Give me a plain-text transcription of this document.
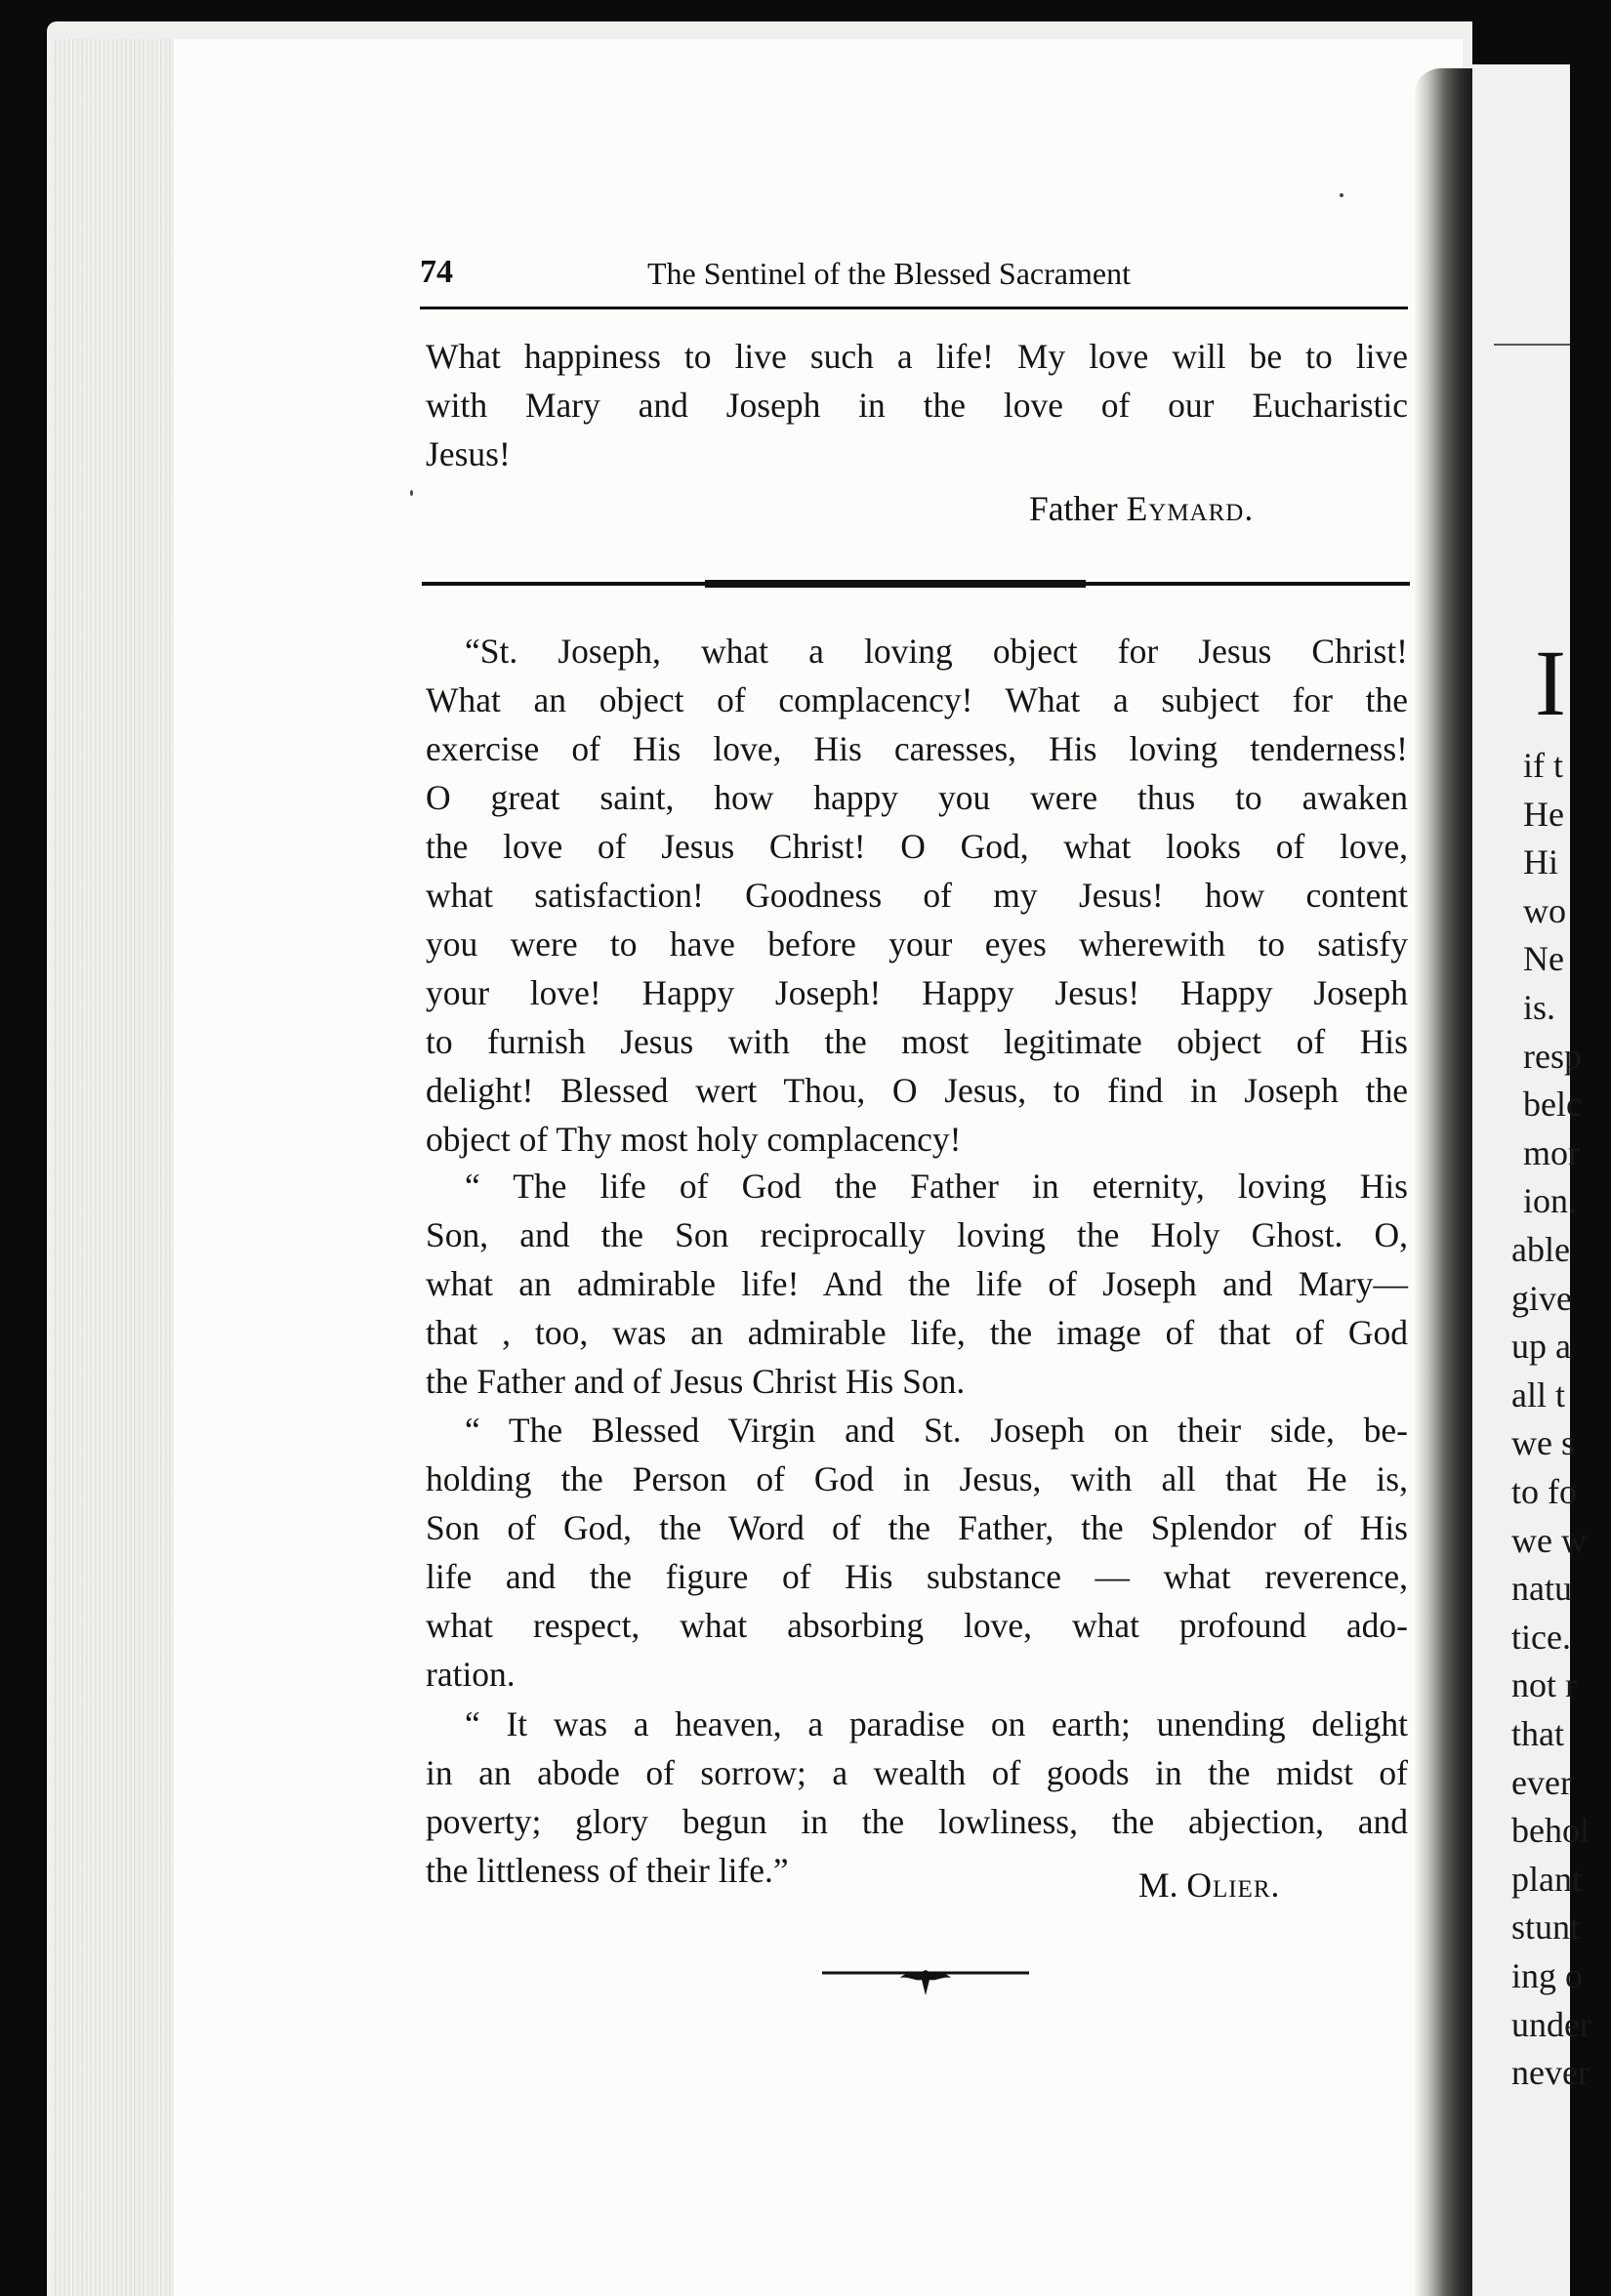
I
if t
He
Hi
wo
Ne
is.
resp
belc
mor
ion.
able
give
up a
all t
we s
to fo
we w
natu
tice.
not r
that
ever
behol
plant
stunt
ing o
under
never
74	The Sentinel of the Blessed Sacrament
What happiness to live such a life! My love will be to live
with Mary and Joseph in the love of our Eucharistic
Jesus!
Father Eymard.
“St. Joseph, what a loving object for Jesus Christ!
What an object of complacency! What a subject for the
exercise of His love, His caresses, His loving tenderness!
O great saint, how happy you were thus to awaken
the love of Jesus Christ! O God, what looks of love,
what satisfaction! Goodness of my Jesus! how content
you were to have before your eyes wherewith to satisfy
your love! Happy Joseph! Happy Jesus! Happy Joseph
to furnish Jesus with the most legitimate object of His
delight! Blessed wert Thou, O Jesus, to find in Joseph the
object of Thy most holy complacency!
“ The life of God the Father in eternity, loving His
Son, and the Son reciprocally loving the Holy Ghost. O,
what an admirable life! And the life of Joseph and Mary—
that , too, was an admirable life, the image of that of God
the Father and of Jesus Christ His Son.
“ The Blessed Virgin and St. Joseph on their side, be-
holding the Person of God in Jesus, with all that He is,
Son of God, the Word of the Father, the Splendor of His
life and the figure of His substance — what reverence,
what respect, what absorbing love, what profound ado-
ration.
“ It was a heaven, a paradise on earth; unending delight
in an abode of sorrow; a wealth of goods in the midst of
poverty; glory begun in the lowliness, the abjection, and
the littleness of their life.”	M. Olier.
